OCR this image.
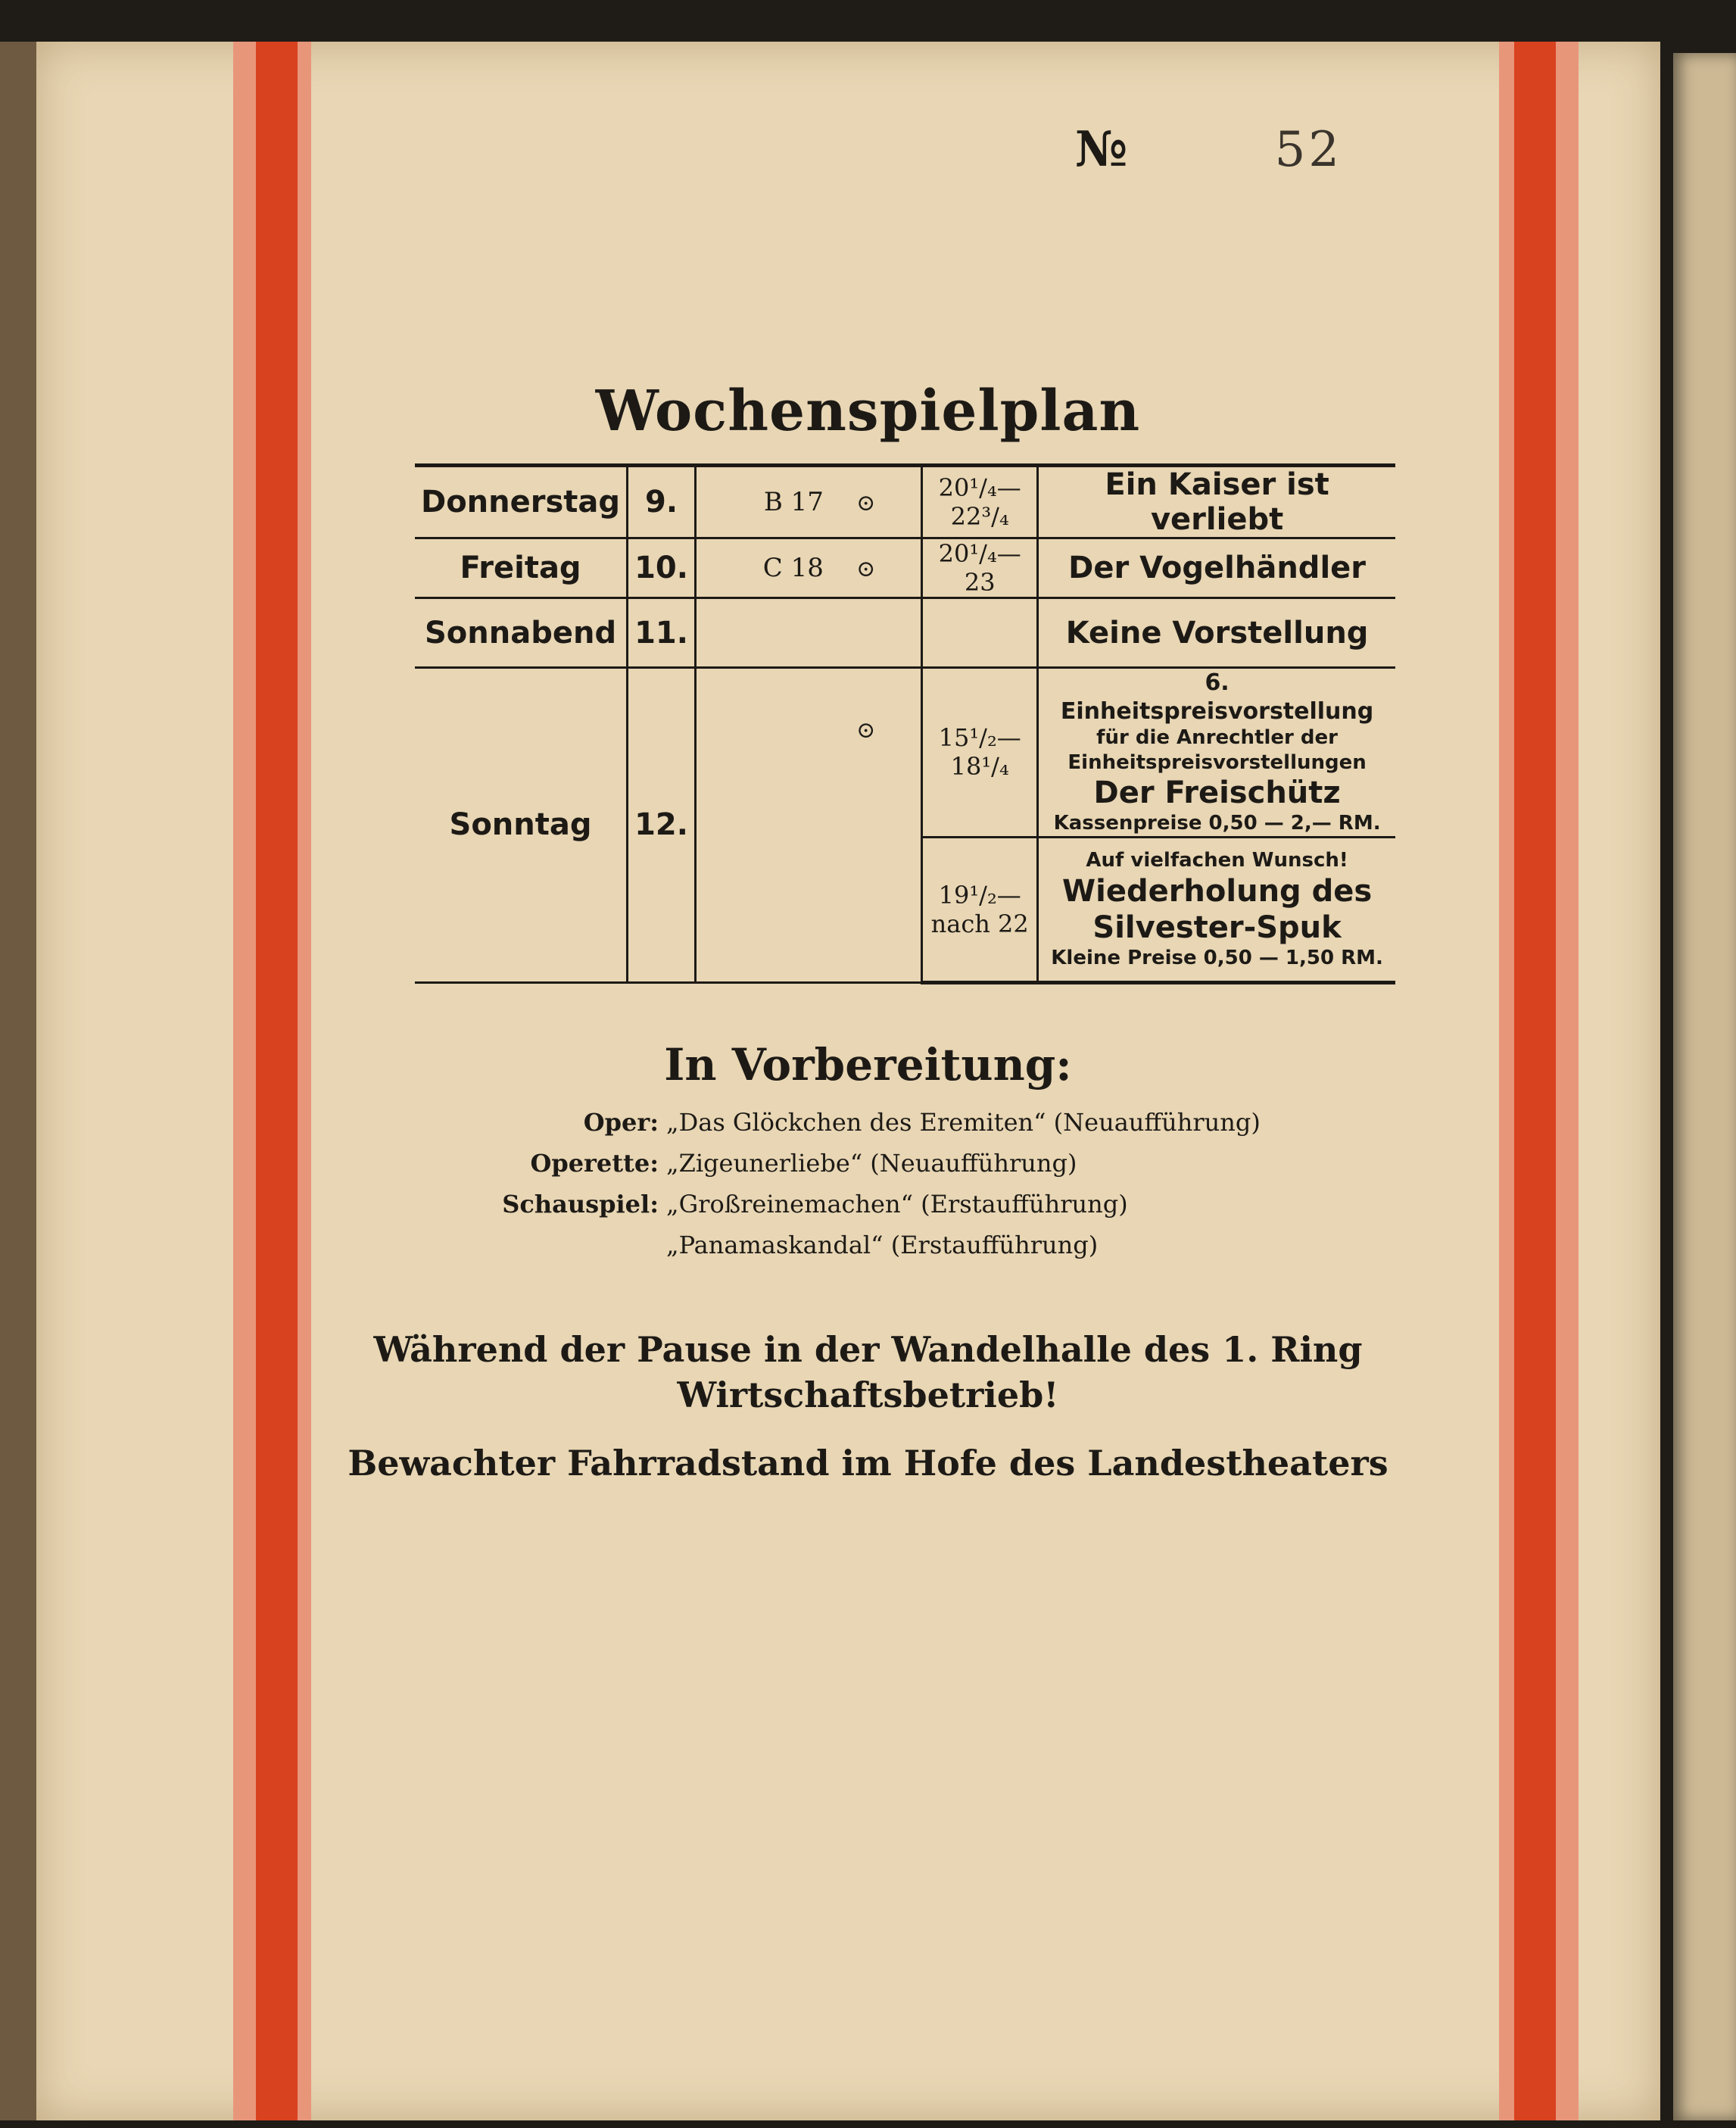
№	52
Wochenspielplan
Donnerstag	9.	B 17 ⊙	20¹/₄—22³/₄	Ein Kaiser ist verliebt
Freitag	10.	C 18 ⊙	20¹/₄—23	Der Vogelhändler
Sonnabend	11.			Keine Vorstellung
Sonntag	12.	⊙	15¹/₂—18¹/₄	6. Einheitspreisvorstellung
für die Anrechtler der
Einheitspreisvorstellungen
Der Freischütz
Kassenpreise 0,50 — 2,— RM.

			19¹/₂— nach 22	Auf vielfachen Wunsch!
Wiederholung des
Silvester-Spuk
Kleine Preise 0,50 — 1,50 RM.
In Vorbereitung:
Oper: „Das Glöckchen des Eremiten“ (Neuaufführung)
Operette: „Zigeunerliebe“ (Neuaufführung)
Schauspiel: „Großreinemachen“ (Erstaufführung)
„Panamaskandal“ (Erstaufführung)
Während der Pause in der Wandelhalle des 1. Ring
Wirtschaftsbetrieb!
Bewachter Fahrradstand im Hofe des Landestheaters
